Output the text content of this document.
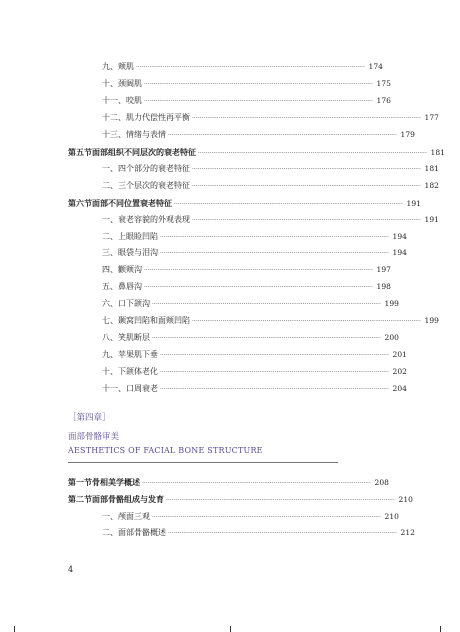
九、颊肌 ························································································································ 174
十、颈阔肌 ························································································································ 175
十一、咬肌 ························································································································ 176
十二、肌力代偿性再平衡 ························································································································ 177
十三、情绪与表情 ························································································································ 179
第五节 面部组织不同层次的衰老特征 ························································································································ 181
一、四个部分的衰老特征 ························································································································ 181
二、三个层次的衰老特征 ························································································································ 182
第六节 面部不同位置衰老特征 ························································································································ 191
一、衰老容貌的外观表现 ························································································································ 191
二、上眼睑凹陷 ························································································································ 194
三、眼袋与泪沟 ························································································································ 194
四、颧颊沟 ························································································································ 197
五、鼻唇沟 ························································································································ 198
六、口下颌沟 ························································································································ 199
七、颞窝凹陷和面颊凹陷 ························································································································ 199
八、笑肌断层 ························································································································ 200
九、苹果肌下垂 ························································································································ 201
十、下颌体老化 ························································································································ 202
十一、口周衰老 ························································································································ 204
［第四章］
面部骨骼审美
AESTHETICS OF FACIAL BONE STRUCTURE
第一节 骨相美学概述 ························································································································ 208
第二节 面部骨骼组成与发育 ························································································································ 210
一、颅面三观 ························································································································ 210
二、面部骨骼概述 ························································································································ 212
4
